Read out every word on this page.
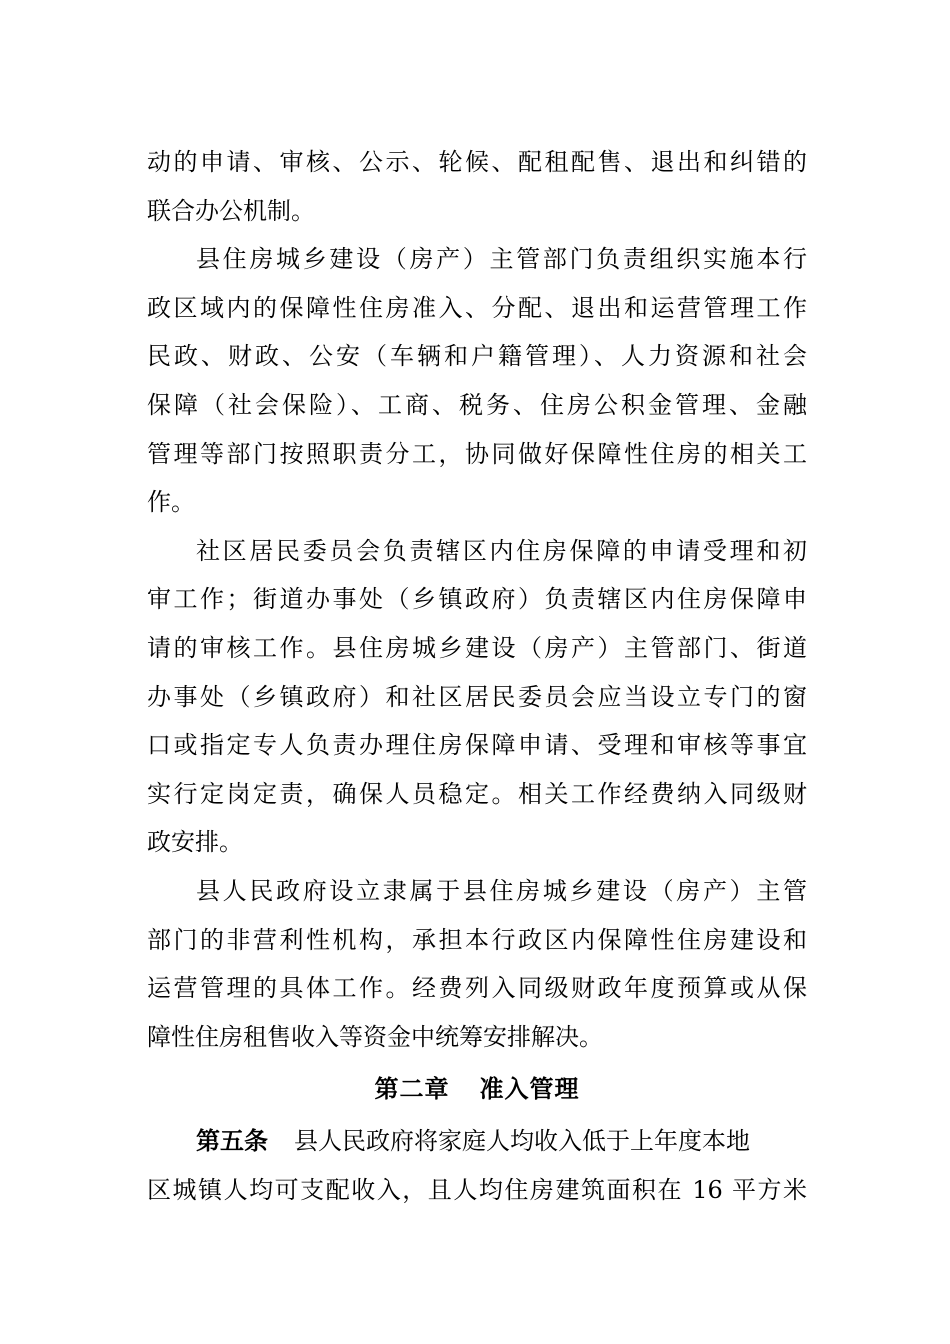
动的申请、审核、公示、轮候、配租配售、退出和纠错的
联合办公机制。
县住房城乡建设（房产）主管部门负责组织实施本行
政区域内的保障性住房准入、分配、退出和运营管理工作
民政、财政、公安（车辆和户籍管理）、人力资源和社会
保障（社会保险）、工商、税务、住房公积金管理、金融
管理等部门按照职责分工，协同做好保障性住房的相关工
作。
社区居民委员会负责辖区内住房保障的申请受理和初
审工作；街道办事处（乡镇政府）负责辖区内住房保障申
请的审核工作。县住房城乡建设（房产）主管部门、街道
办事处（乡镇政府）和社区居民委员会应当设立专门的窗
口或指定专人负责办理住房保障申请、受理和审核等事宜
实行定岗定责，确保人员稳定。相关工作经费纳入同级财
政安排。
县人民政府设立隶属于县住房城乡建设（房产）主管
部门的非营利性机构，承担本行政区内保障性住房建设和
运营管理的具体工作。经费列入同级财政年度预算或从保
障性住房租售收入等资金中统筹安排解决。
第二章 准入管理
第五条 县人民政府将家庭人均收入低于上年度本地
区城镇人均可支配收入，且人均住房建筑面积在 16 平方米
